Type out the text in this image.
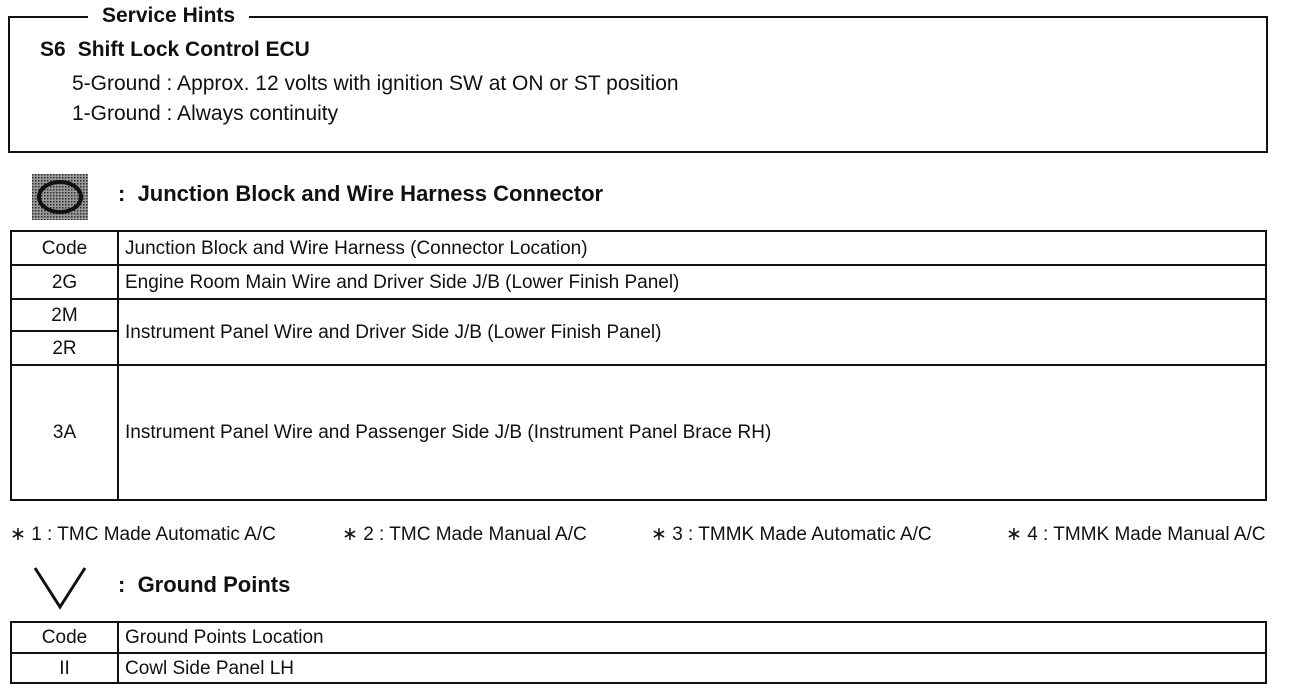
Service Hints
S6 Shift Lock Control ECU
5-Ground : Approx. 12 volts with ignition SW at ON or ST position
1-Ground : Always continuity
: Junction Block and Wire Harness Connector
Code	Junction Block and Wire Harness (Connector Location)
2G	Engine Room Main Wire and Driver Side J/B (Lower Finish Panel)
2M	Instrument Panel Wire and Driver Side J/B (Lower Finish Panel)
2R	
3A	Instrument Panel Wire and Passenger Side J/B (Instrument Panel Brace RH)
∗ 1 : TMC Made Automatic A/C	∗ 2 : TMC Made Manual A/C	∗ 3 : TMMK Made Automatic A/C	∗ 4 : TMMK Made Manual A/C
: Ground Points
Code	Ground Points Location
II	Cowl Side Panel LH
